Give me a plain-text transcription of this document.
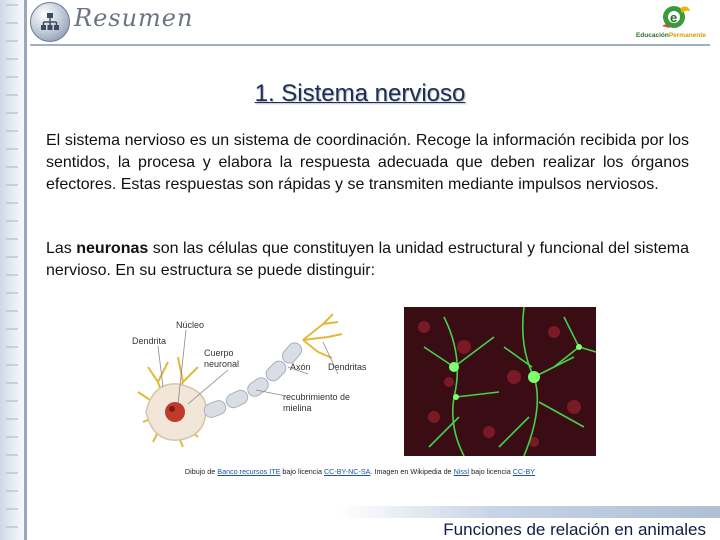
Resumen	e
EducaciónPermanente
1. Sistema nervioso
El sistema nervioso es un sistema de coordinación. Recoge la información recibida por los sentidos, la procesa y elabora la respuesta adecuada que deben realizar los órganos efectores. Estas respuestas son rápidas y se transmiten mediante impulsos nerviosos.
Las neuronas son las células que constituyen la unidad estructural y funcional del sistema nervioso. En su estructura se puede distinguir:
Núcleo
Dendrita
Cuerpo
neuronal	Axón Dendritas
recubrimiento de
mielina
Dibujo de Banco recursos ITE bajo licencia CC-BY-NC-SA. Imagen en Wikipedia de Nissl bajo licencia CC-BY
Funciones de relación en animales
